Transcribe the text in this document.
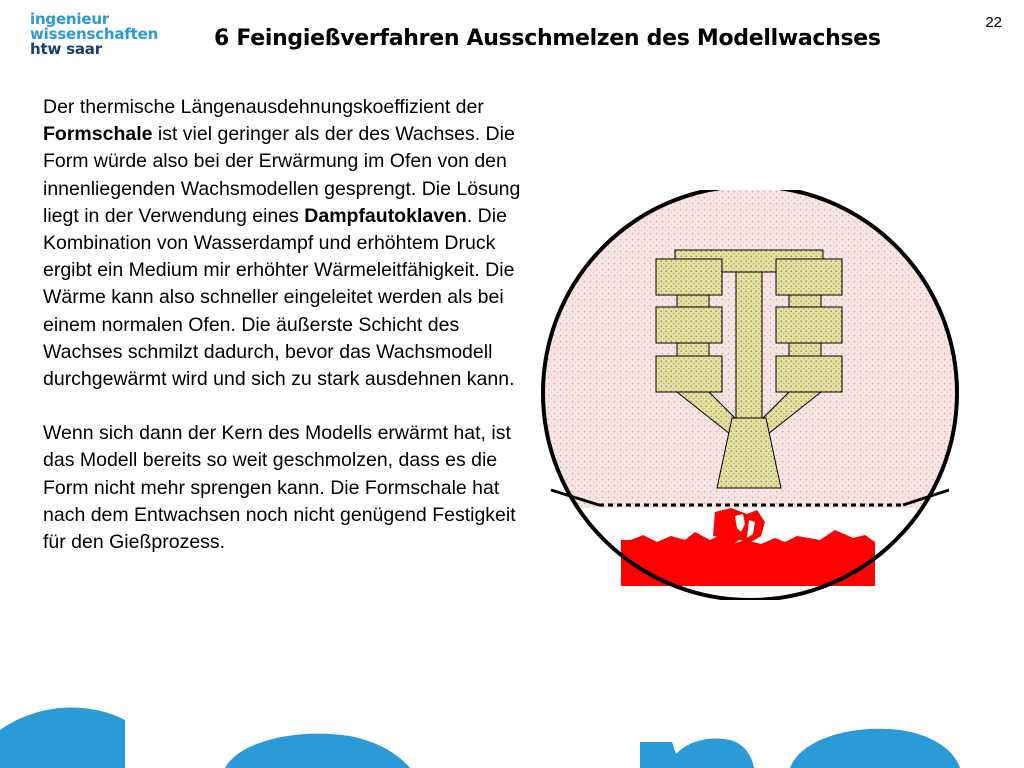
ingenieur
wissenschaften
htw saar
22
6 Feingießverfahren Ausschmelzen des Modellwachses

Der thermische Längenausdehnungskoeffizient der Formschale ist viel geringer als der des Wachses. Die Form würde also bei der Erwärmung im Ofen von den innenliegenden Wachsmodellen gesprengt. Die Lösung liegt in der Verwendung eines Dampfautoklaven. Die Kombination von Wasserdampf und erhöhtem Druck ergibt ein Medium mir erhöhter Wärmeleitfähigkeit. Die Wärme kann also schneller eingeleitet werden als bei einem normalen Ofen. Die äußerste Schicht des Wachses schmilzt dadurch, bevor das Wachsmodell durchgewärmt wird und sich zu stark ausdehnen kann.

Wenn sich dann der Kern des Modells erwärmt hat, ist das Modell bereits so weit geschmolzen, dass es die Form nicht mehr sprengen kann. Die Formschale hat nach dem Entwachsen noch nicht genügend Festigkeit für den Gießprozess.
